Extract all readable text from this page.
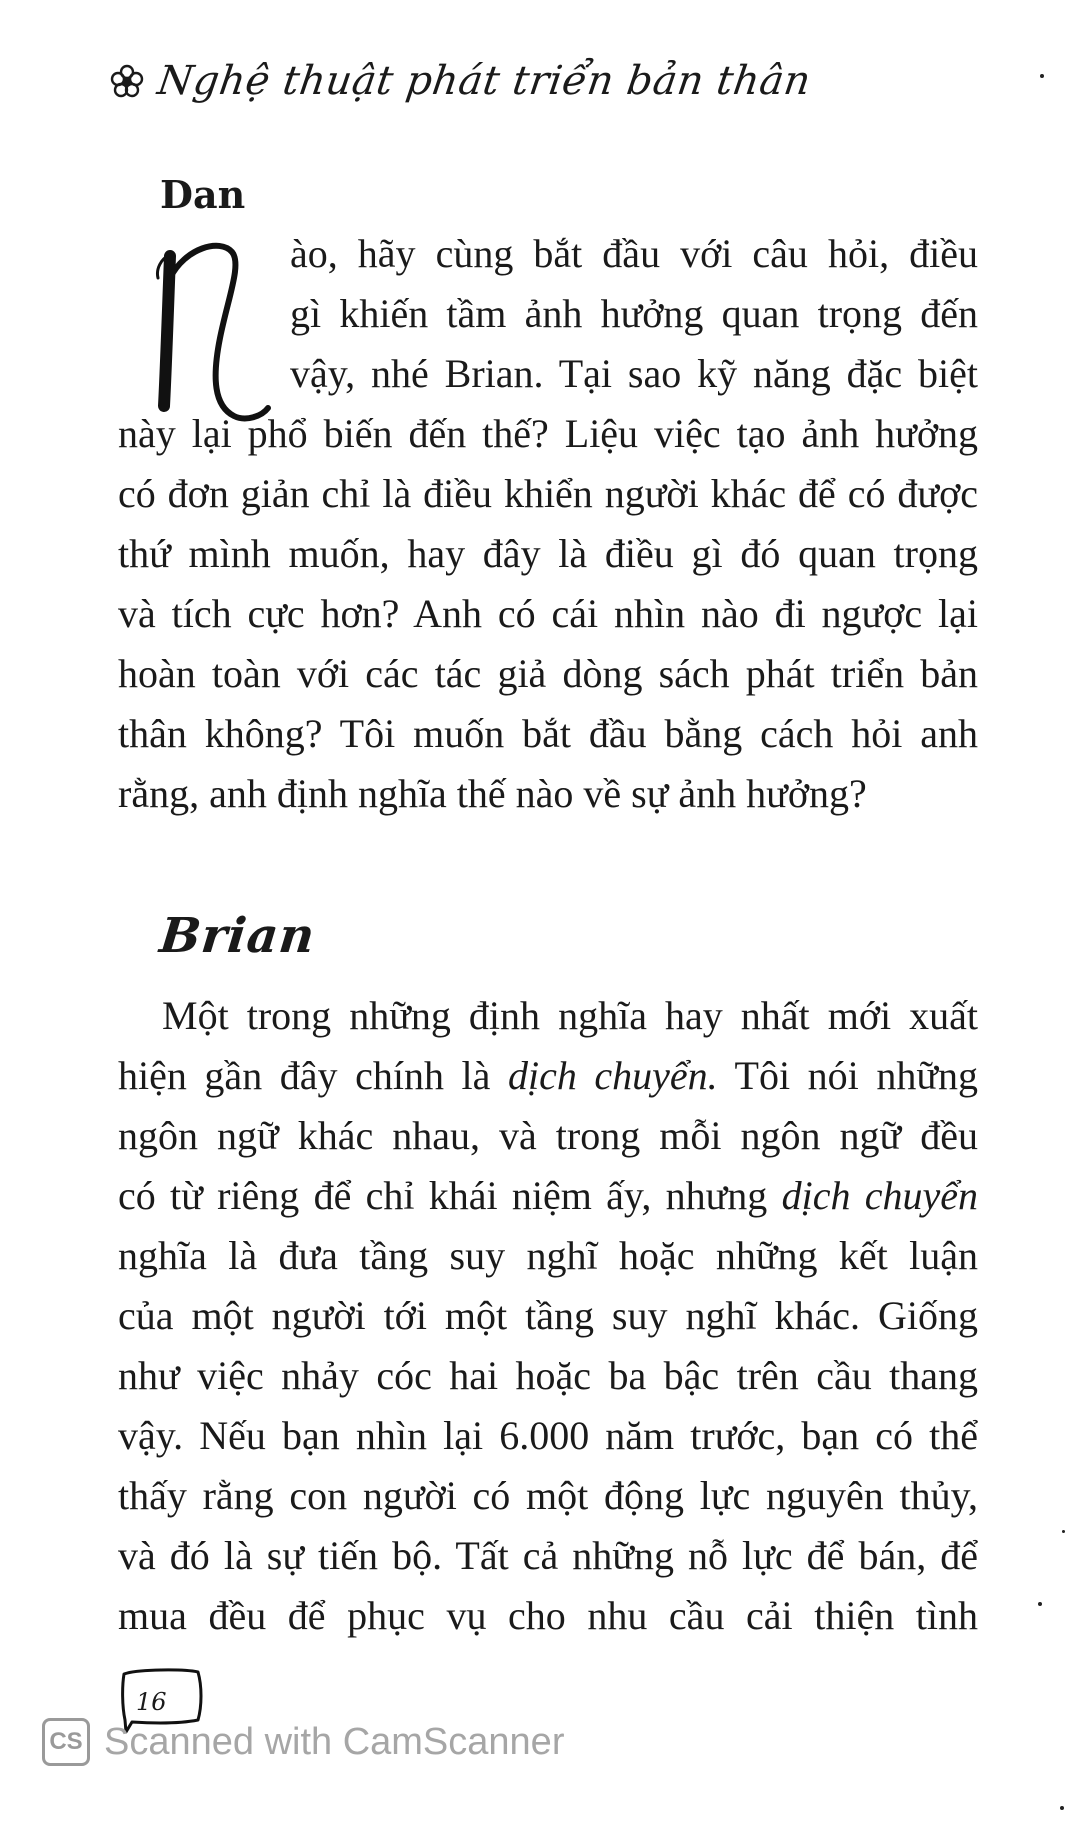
Nghệ thuật phát triển bản thân
Dan
ào, hãy cùng bắt đầu với câu hỏi, điều
gì khiến tầm ảnh hưởng quan trọng đến
vậy, nhé Brian. Tại sao kỹ năng đặc biệt
này lại phổ biến đến thế? Liệu việc tạo ảnh hưởng
có đơn giản chỉ là điều khiển người khác để có được
thứ mình muốn, hay đây là điều gì đó quan trọng
và tích cực hơn? Anh có cái nhìn nào đi ngược lại
hoàn toàn với các tác giả dòng sách phát triển bản
thân không? Tôi muốn bắt đầu bằng cách hỏi anh
rằng, anh định nghĩa thế nào về sự ảnh hưởng?
Brian
Một trong những định nghĩa hay nhất mới xuất
hiện gần đây chính là dịch chuyển. Tôi nói những
ngôn ngữ khác nhau, và trong mỗi ngôn ngữ đều
có từ riêng để chỉ khái niệm ấy, nhưng dịch chuyển
nghĩa là đưa tầng suy nghĩ hoặc những kết luận
của một người tới một tầng suy nghĩ khác. Giống
như việc nhảy cóc hai hoặc ba bậc trên cầu thang
vậy. Nếu bạn nhìn lại 6.000 năm trước, bạn có thể
thấy rằng con người có một động lực nguyên thủy,
và đó là sự tiến bộ. Tất cả những nỗ lực để bán, để
mua đều để phục vụ cho nhu cầu cải thiện tình
16
CS Scanned with CamScanner
